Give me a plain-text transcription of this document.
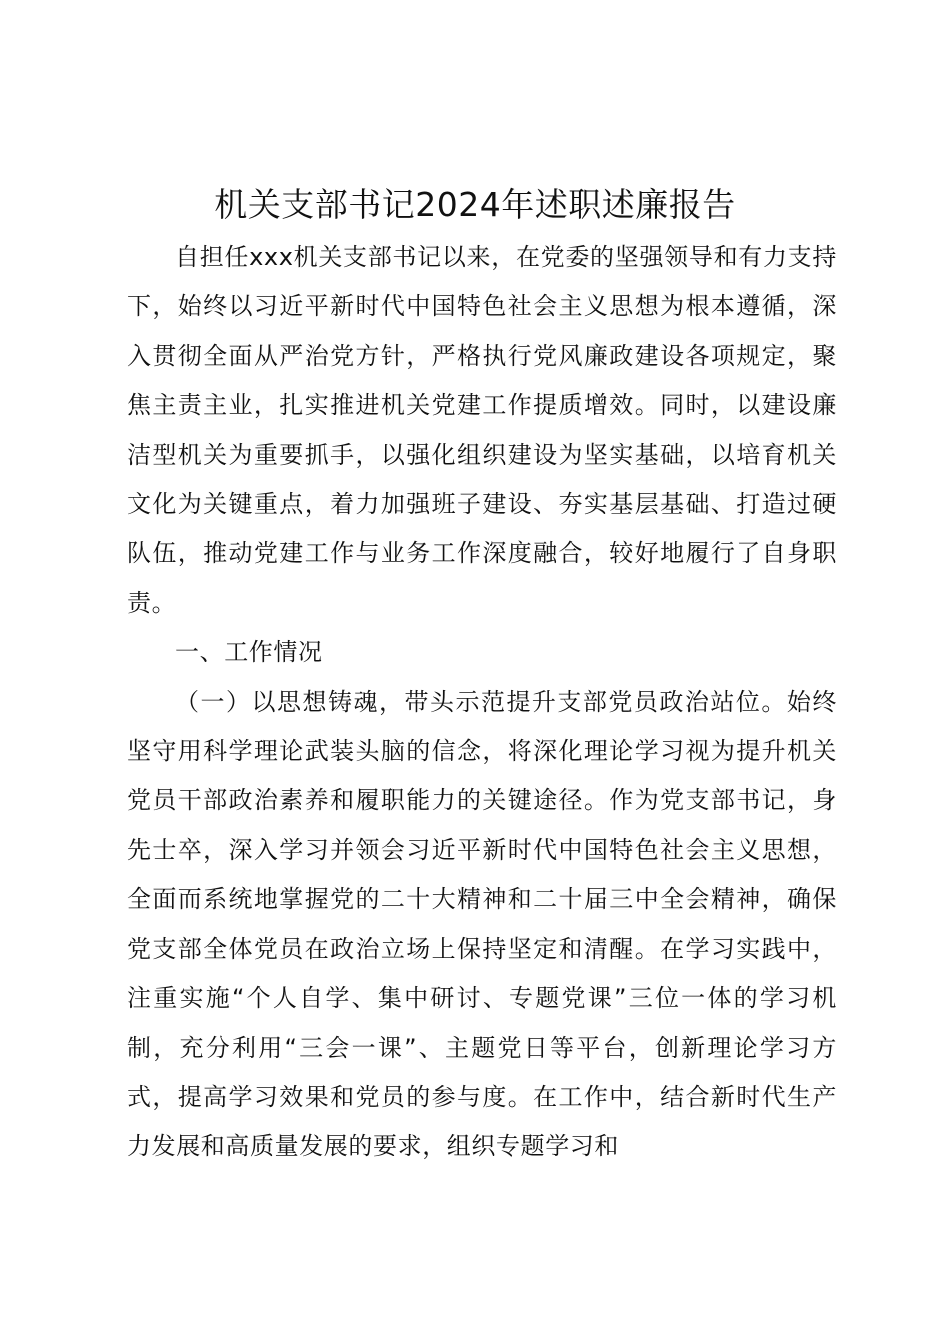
机关支部书记2024年述职述廉报告

自担任xxx机关支部书记以来，在党委的坚强领导和有力支持下，始终以习近平新时代中国特色社会主义思想为根本遵循，深入贯彻全面从严治党方针，严格执行党风廉政建设各项规定，聚焦主责主业，扎实推进机关党建工作提质增效。同时，以建设廉洁型机关为重要抓手，以强化组织建设为坚实基础，以培育机关文化为关键重点，着力加强班子建设、夯实基层基础、打造过硬队伍，推动党建工作与业务工作深度融合，较好地履行了自身职责。

一、工作情况

（一）以思想铸魂，带头示范提升支部党员政治站位。始终坚守用科学理论武装头脑的信念，将深化理论学习视为提升机关党员干部政治素养和履职能力的关键途径。作为党支部书记，身先士卒，深入学习并领会习近平新时代中国特色社会主义思想，全面而系统地掌握党的二十大精神和二十届三中全会精神，确保党支部全体党员在政治立场上保持坚定和清醒。在学习实践中，注重实施“个人自学、集中研讨、专题党课”三位一体的学习机制，充分利用“三会一课”、主题党日等平台，创新理论学习方式，提高学习效果和党员的参与度。在工作中，结合新时代生产力发展和高质量发展的要求，组织专题学习和
